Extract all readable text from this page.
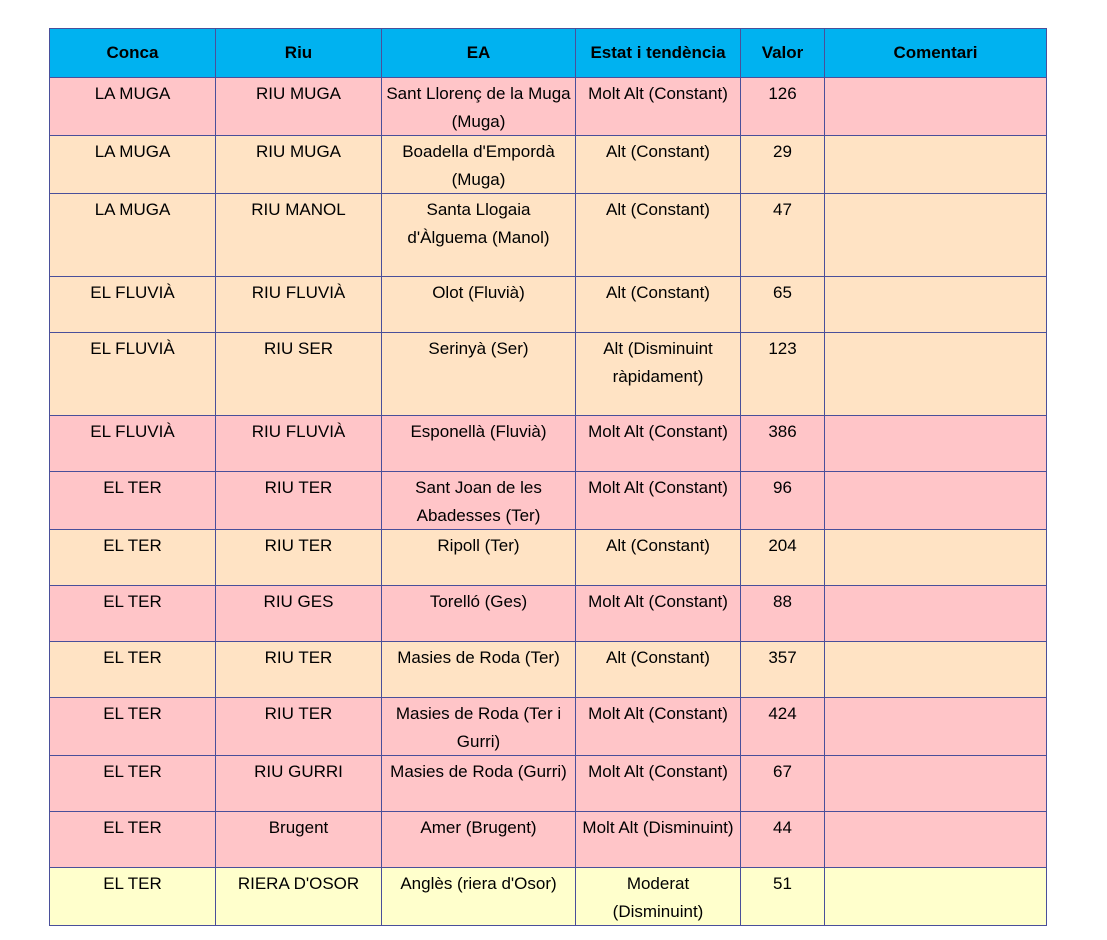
Conca	Riu	EA	Estat i tendència	Valor	Comentari
LA MUGA	RIU MUGA	Sant Llorenç de la Muga (Muga)	Molt Alt (Constant)	126	
LA MUGA	RIU MUGA	Boadella d'Empordà (Muga)	Alt (Constant)	29	
LA MUGA	RIU MANOL	Santa Llogaia d'Àlguema (Manol)	Alt (Constant)	47	
EL FLUVIÀ	RIU FLUVIÀ	Olot (Fluvià)	Alt (Constant)	65	
EL FLUVIÀ	RIU SER	Serinyà (Ser)	Alt (Disminuint ràpidament)	123	
EL FLUVIÀ	RIU FLUVIÀ	Esponellà (Fluvià)	Molt Alt (Constant)	386	
EL TER	RIU TER	Sant Joan de les Abadesses (Ter)	Molt Alt (Constant)	96	
EL TER	RIU TER	Ripoll (Ter)	Alt (Constant)	204	
EL TER	RIU GES	Torelló (Ges)	Molt Alt (Constant)	88	
EL TER	RIU TER	Masies de Roda (Ter)	Alt (Constant)	357	
EL TER	RIU TER	Masies de Roda (Ter i Gurri)	Molt Alt (Constant)	424	
EL TER	RIU GURRI	Masies de Roda (Gurri)	Molt Alt (Constant)	67	
EL TER	Brugent	Amer (Brugent)	Molt Alt (Disminuint)	44	
EL TER	RIERA D'OSOR	Anglès (riera d'Osor)	Moderat (Disminuint)	51	
